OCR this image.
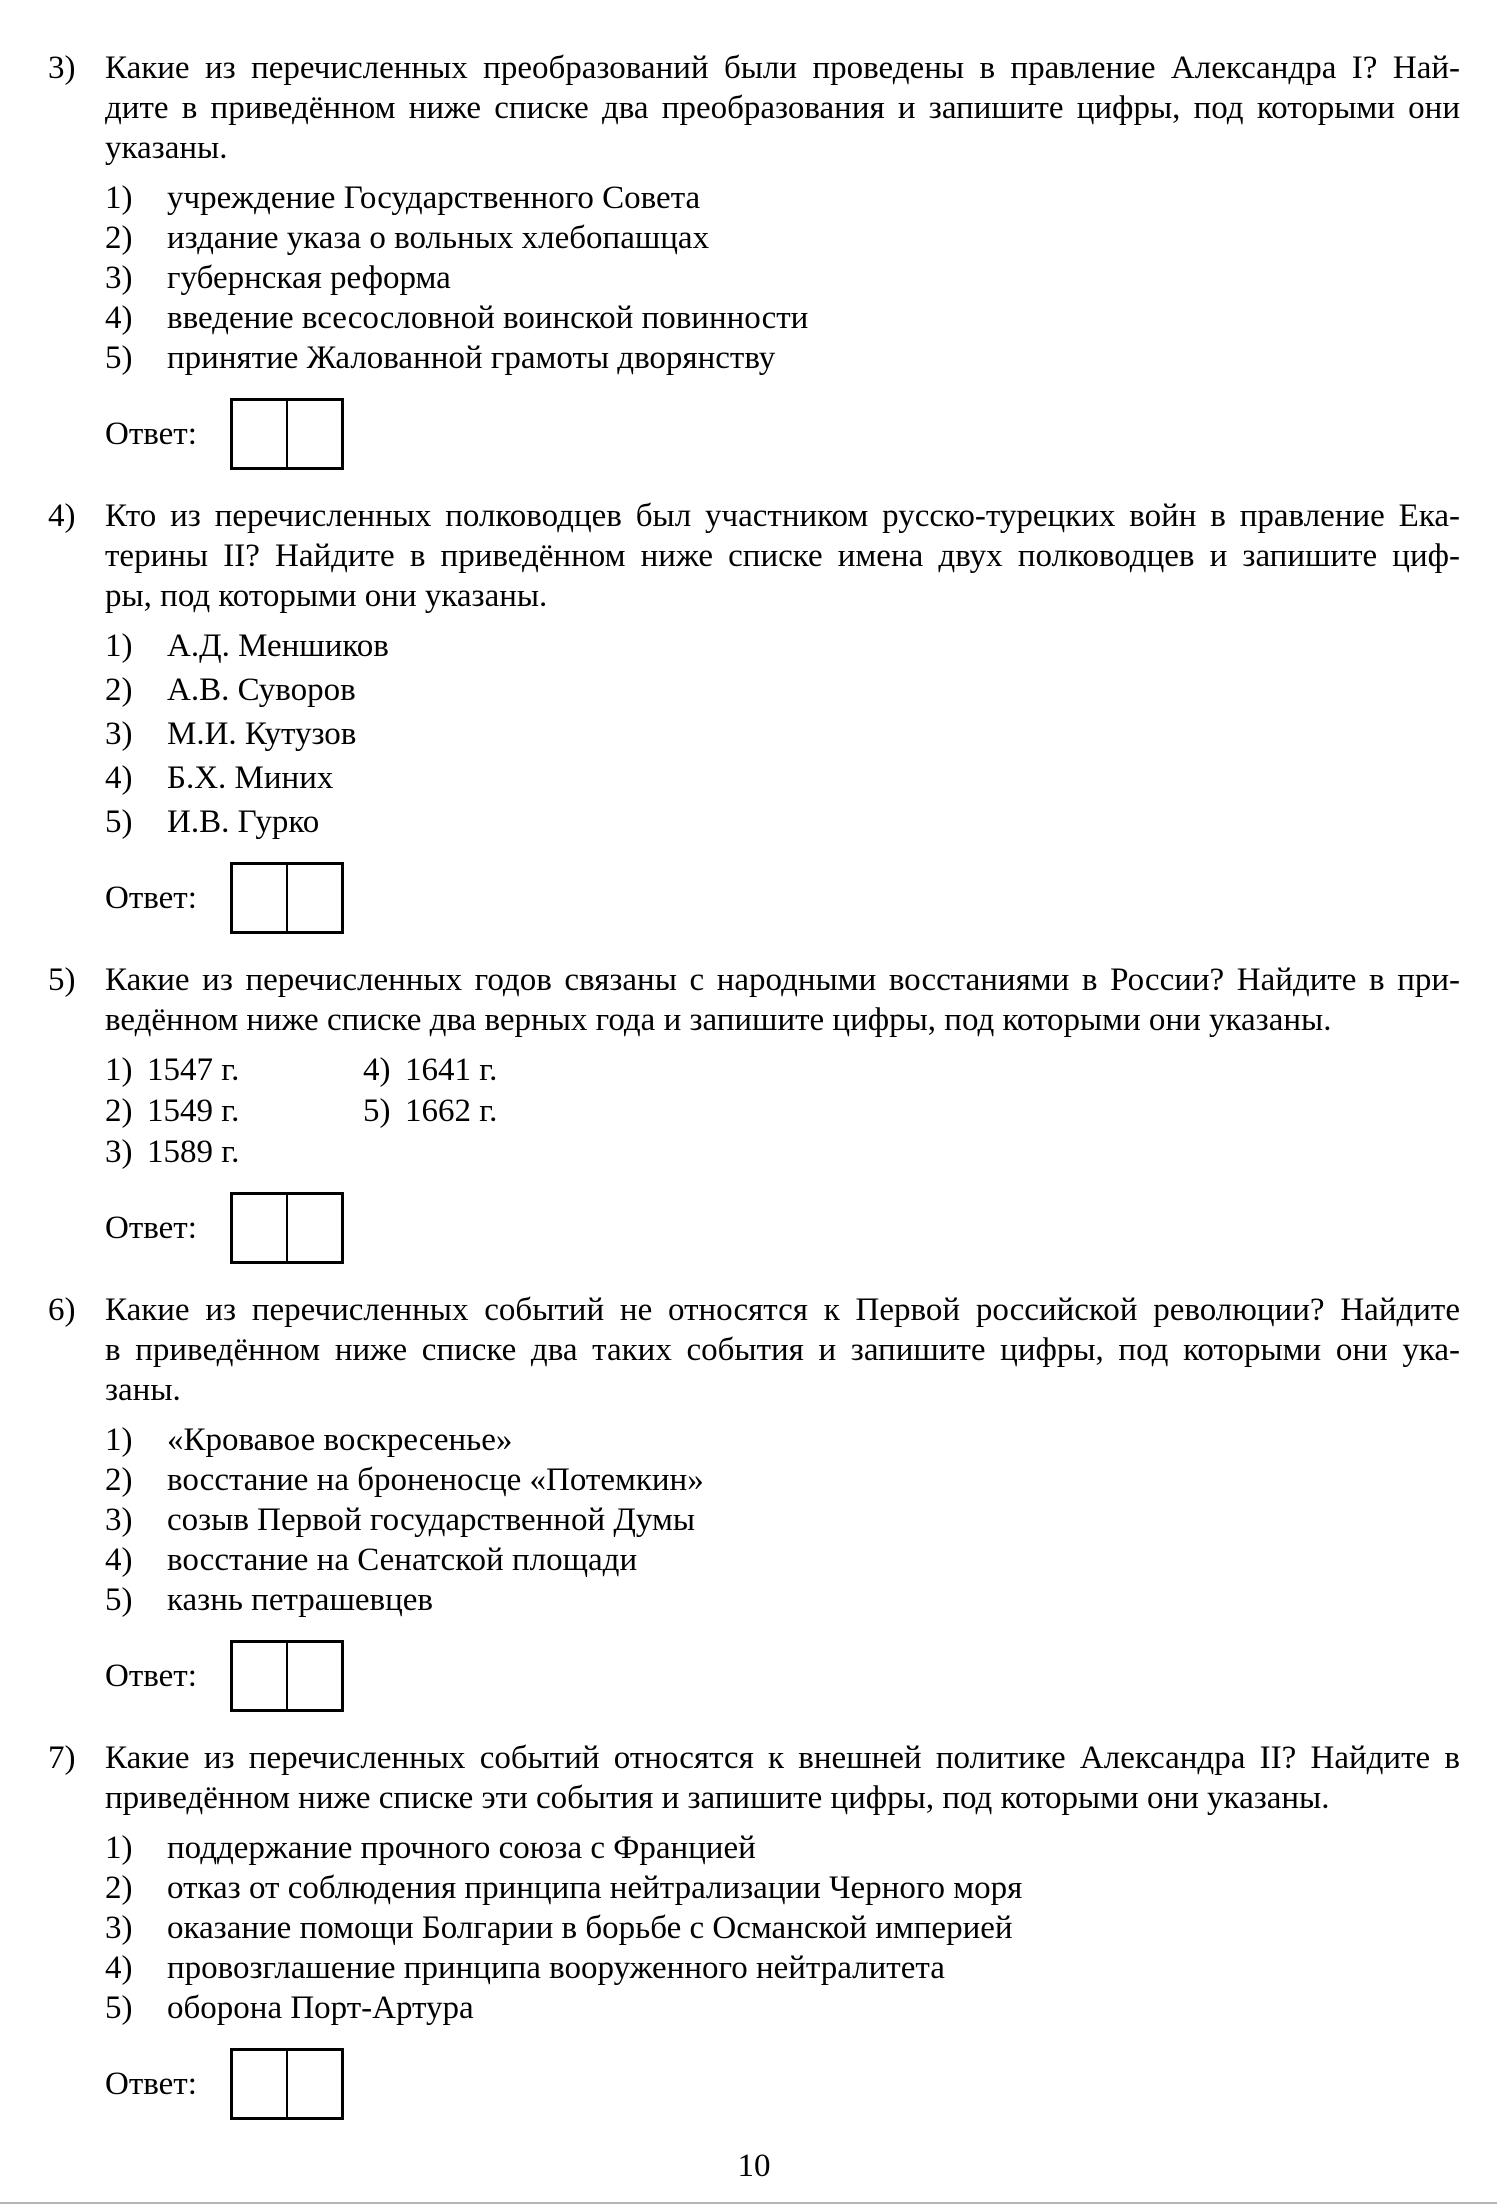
3) Какие из перечисленных преобразований были проведены в правление Александра I? Най-
дите в приведённом ниже списке два преобразования и запишите цифры, под которыми они
указаны.
1)	учреждение Государственного Совета
2)	издание указа о вольных хлебопашцах
3)	губернская реформа
4)	введение всесословной воинской повинности
5)	принятие Жалованной грамоты дворянству
Ответ:
4) Кто из перечисленных полководцев был участником русско-турецких войн в правление Ека-
терины II? Найдите в приведённом ниже списке имена двух полководцев и запишите циф-
ры, под которыми они указаны.
1)	А.Д. Меншиков
2)	А.В. Суворов
3)	М.И. Кутузов
4)	Б.Х. Миних
5)	И.В. Гурко
Ответ:
5) Какие из перечисленных годов связаны с народными восстаниями в России? Найдите в при-
ведённом ниже списке два верных года и запишите цифры, под которыми они указаны.
1) 1547 г.	4) 1641 г.
2) 1549 г.	5) 1662 г.
3) 1589 г.
Ответ:
6) Какие из перечисленных событий не относятся к Первой российской революции? Найдите
в приведённом ниже списке два таких события и запишите цифры, под которыми они ука-
заны.
1)	«Кровавое воскресенье»
2)	восстание на броненосце «Потемкин»
3)	созыв Первой государственной Думы
4)	восстание на Сенатской площади
5)	казнь петрашевцев
Ответ:
7) Какие из перечисленных событий относятся к внешней политике Александра II? Найдите в
приведённом ниже списке эти события и запишите цифры, под которыми они указаны.
1)	поддержание прочного союза с Францией
2)	отказ от соблюдения принципа нейтрализации Черного моря
3)	оказание помощи Болгарии в борьбе с Османской империей
4)	провозглашение принципа вооруженного нейтралитета
5)	оборона Порт-Артура
Ответ:
10
